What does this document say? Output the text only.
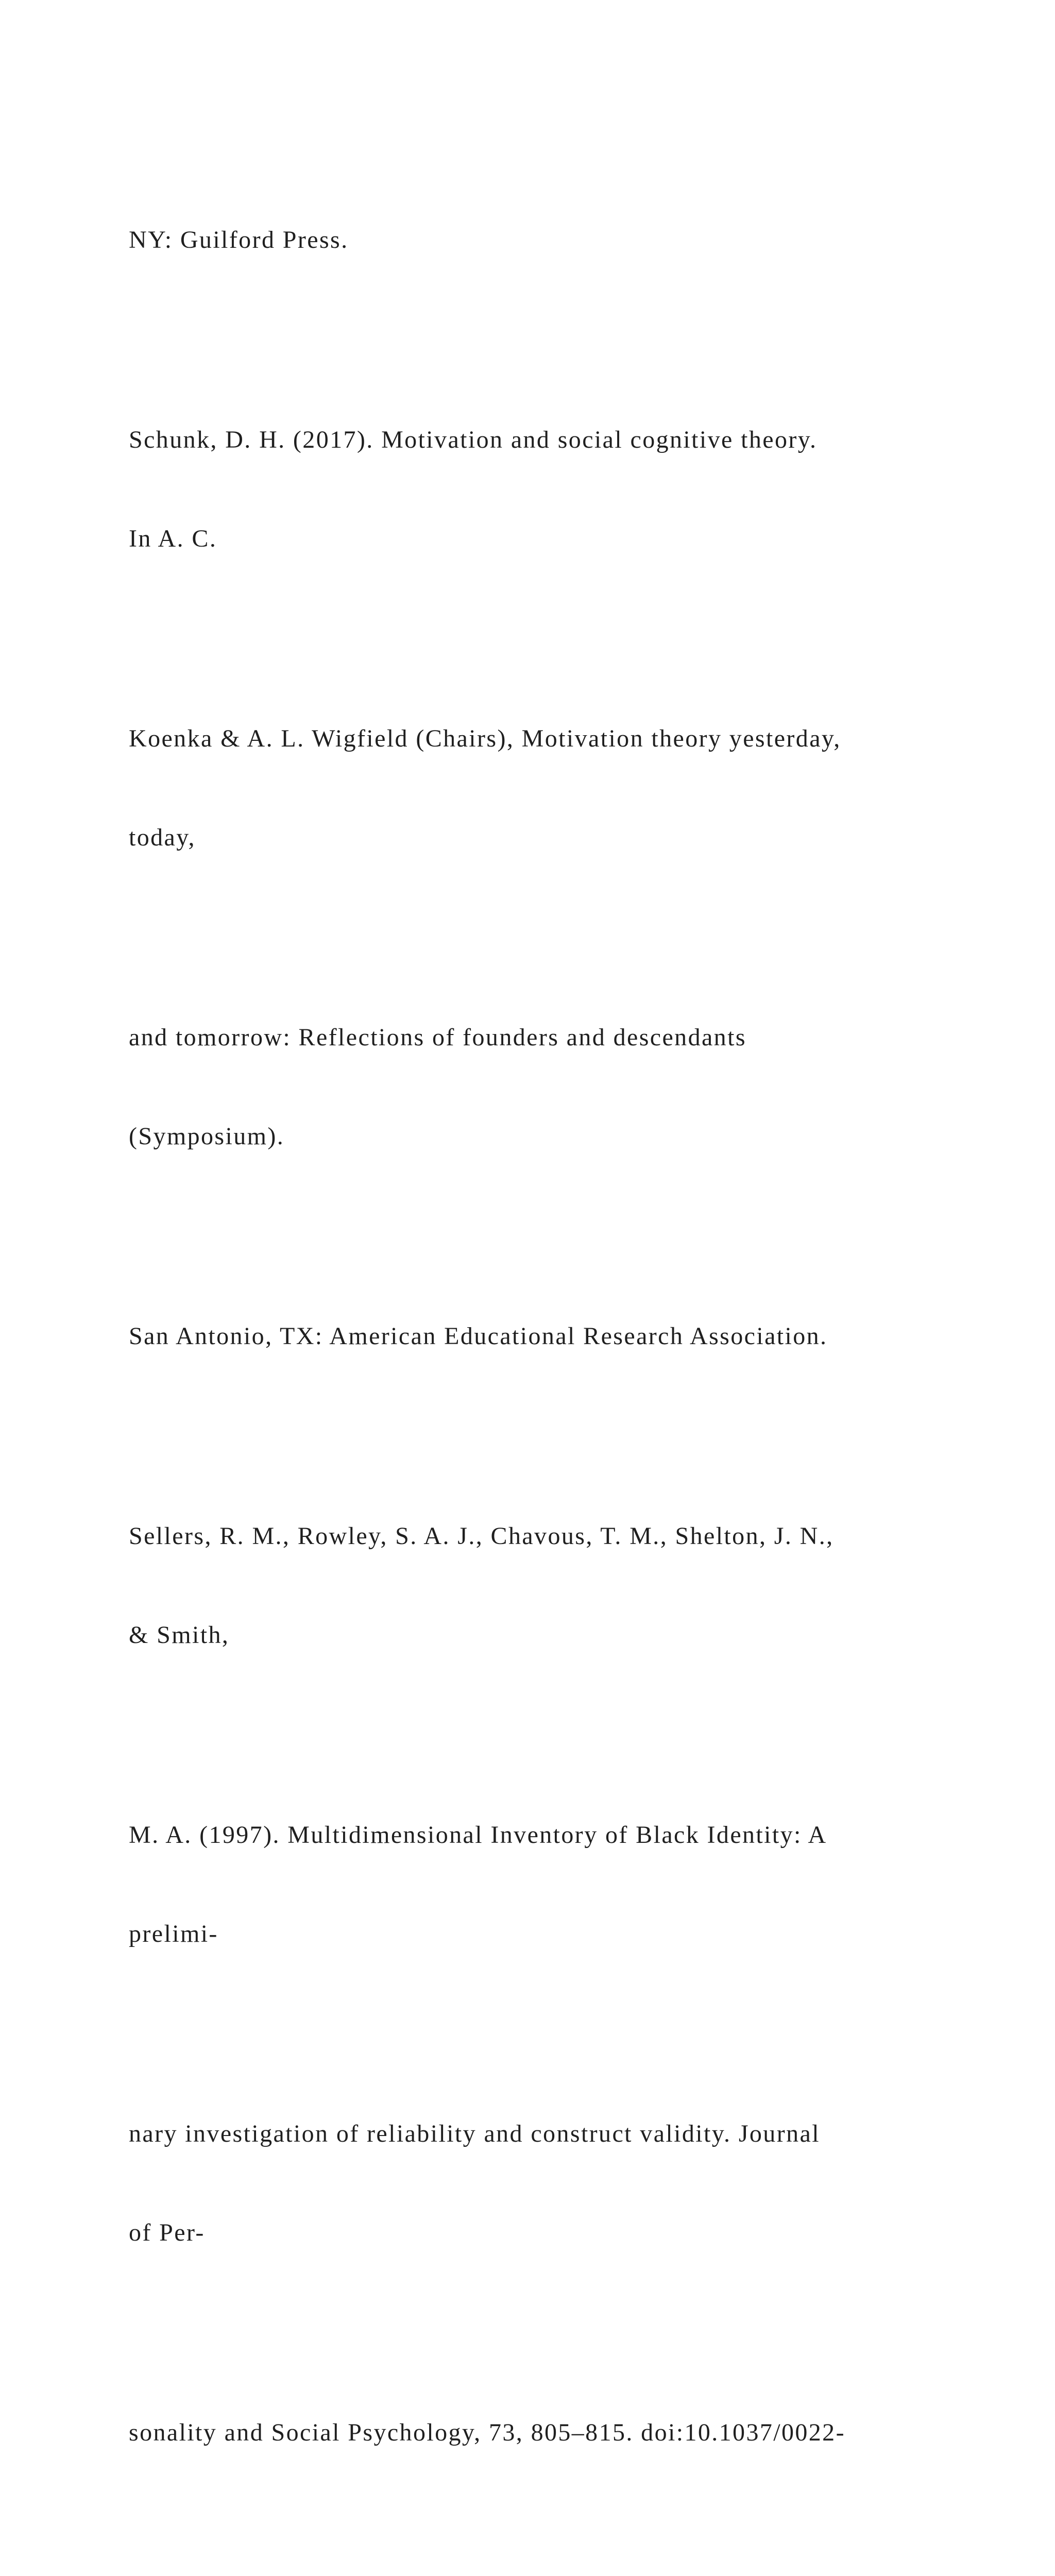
NY: Guilford Press.

Schunk, D. H. (2017). Motivation and social cognitive theory.

In A. C.

Koenka & A. L. Wigfield (Chairs), Motivation theory yesterday,

today,

and tomorrow: Reflections of founders and descendants

(Symposium).

San Antonio, TX: American Educational Research Association.

Sellers, R. M., Rowley, S. A. J., Chavous, T. M., Shelton, J. N.,

& Smith,

M. A. (1997). Multidimensional Inventory of Black Identity: A

prelimi-

nary investigation of reliability and construct validity. Journal

of Per-

sonality and Social Psychology, 73, 805–815. doi:10.1037/0022-
